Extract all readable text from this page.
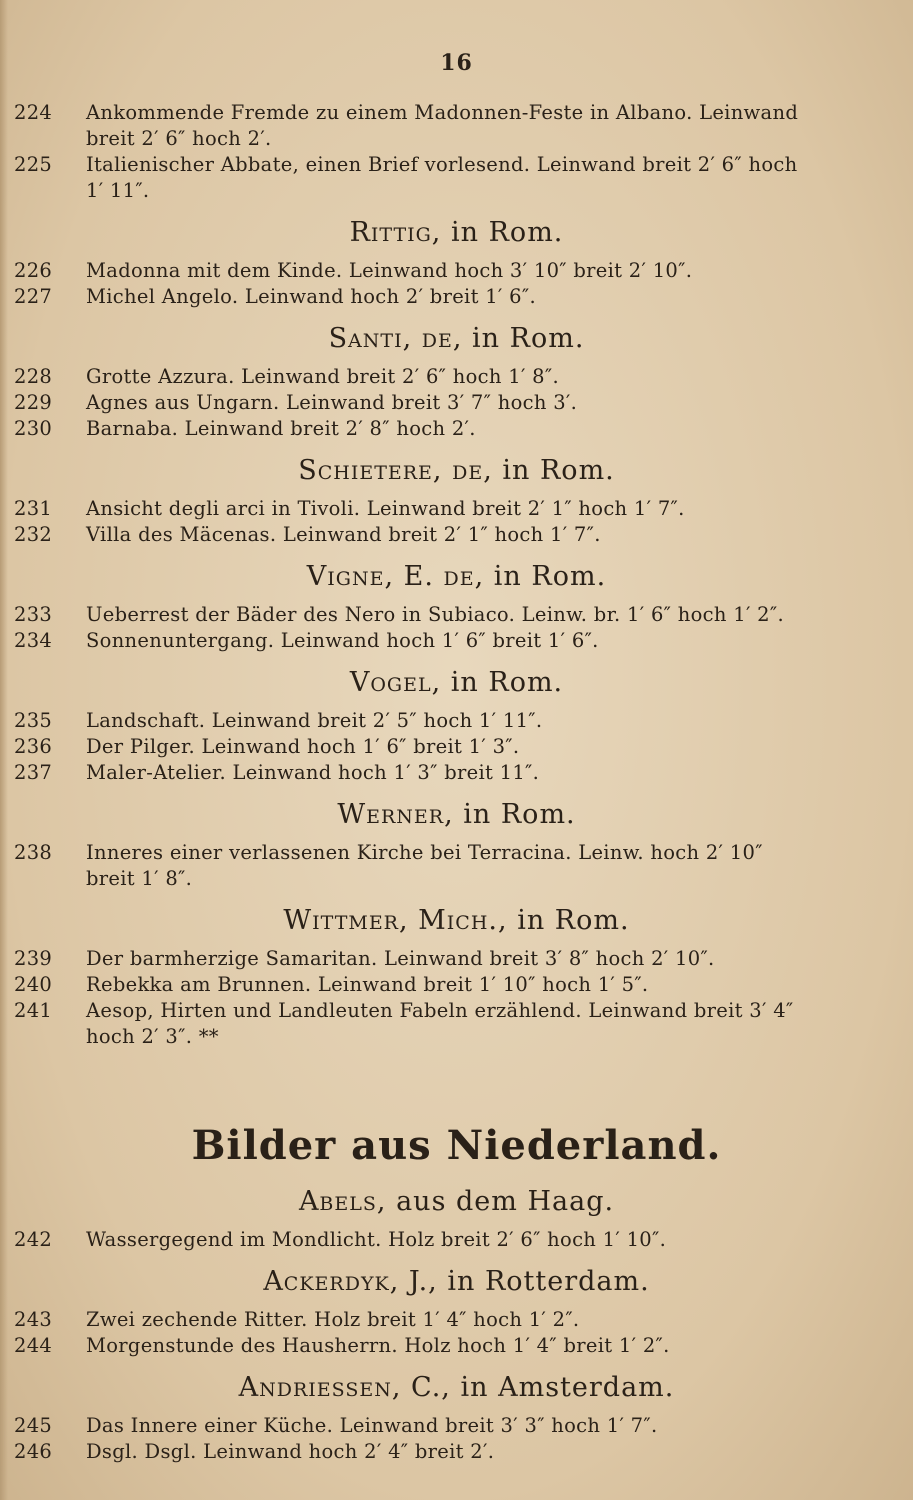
16
224	Ankommende Fremde zu einem Madonnen-Feste in Albano. Leinwand breit 2′ 6″ hoch 2′.
225	Italienischer Abbate, einen Brief vorlesend. Leinwand breit 2′ 6″ hoch 1′ 11″.
Rittig, in Rom.
226	Madonna mit dem Kinde. Leinwand hoch 3′ 10″ breit 2′ 10″.
227	Michel Angelo. Leinwand hoch 2′ breit 1′ 6″.
Santi, de, in Rom.
228	Grotte Azzura. Leinwand breit 2′ 6″ hoch 1′ 8″.
229	Agnes aus Ungarn. Leinwand breit 3′ 7″ hoch 3′.
230	Barnaba. Leinwand breit 2′ 8″ hoch 2′.
Schietere, de, in Rom.
231	Ansicht degli arci in Tivoli. Leinwand breit 2′ 1″ hoch 1′ 7″.
232	Villa des Mäcenas. Leinwand breit 2′ 1″ hoch 1′ 7″.
Vigne, E. de, in Rom.
233	Ueberrest der Bäder des Nero in Subiaco. Leinw. br. 1′ 6″ hoch 1′ 2″.
234	Sonnenuntergang. Leinwand hoch 1′ 6″ breit 1′ 6″.
Vogel, in Rom.
235	Landschaft. Leinwand breit 2′ 5″ hoch 1′ 11″.
236	Der Pilger. Leinwand hoch 1′ 6″ breit 1′ 3″.
237	Maler-Atelier. Leinwand hoch 1′ 3″ breit 11″.
Werner, in Rom.
238	Inneres einer verlassenen Kirche bei Terracina. Leinw. hoch 2′ 10″ breit 1′ 8″.
Wittmer, Mich., in Rom.
239	Der barmherzige Samaritan. Leinwand breit 3′ 8″ hoch 2′ 10″.
240	Rebekka am Brunnen. Leinwand breit 1′ 10″ hoch 1′ 5″.
241	Aesop, Hirten und Landleuten Fabeln erzählend. Leinwand breit 3′ 4″ hoch 2′ 3″. **
Bilder aus Niederland.
Abels, aus dem Haag.
242	Wassergegend im Mondlicht. Holz breit 2′ 6″ hoch 1′ 10″.
Ackerdyk, J., in Rotterdam.
243	Zwei zechende Ritter. Holz breit 1′ 4″ hoch 1′ 2″.
244	Morgenstunde des Hausherrn. Holz hoch 1′ 4″ breit 1′ 2″.
Andriessen, C., in Amsterdam.
245	Das Innere einer Küche. Leinwand breit 3′ 3″ hoch 1′ 7″.
246	Dsgl. Dsgl. Leinwand hoch 2′ 4″ breit 2′.
